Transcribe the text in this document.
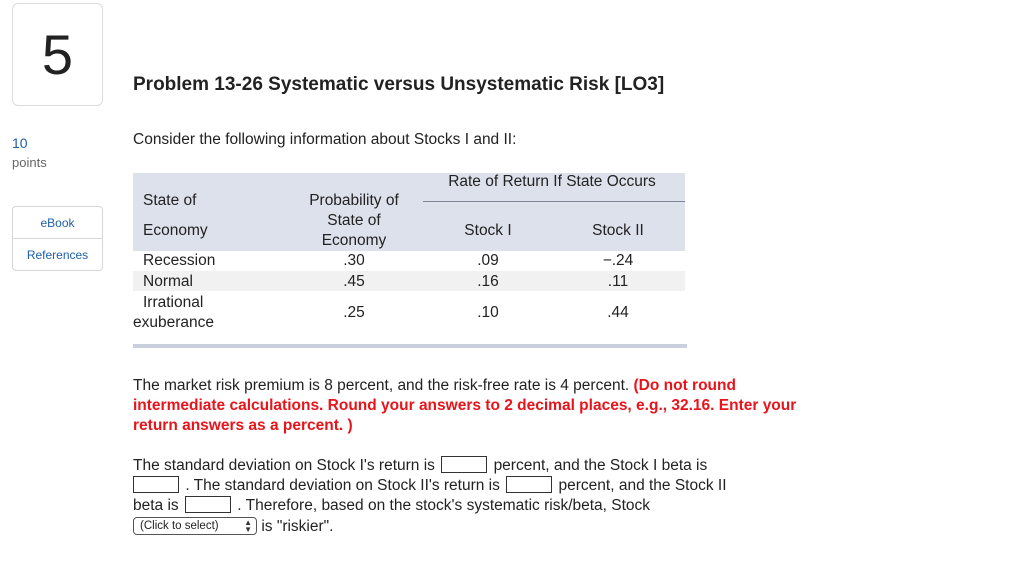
5
10
points
eBook
References
Problem 13-26 Systematic versus Unsystematic Risk [LO3]
Consider the following information about Stocks I and II:
State of
Economy
Probability of
State of
Economy
Rate of Return If State Occurs
Stock I	Stock II
Recession	.30	.09	−.24
Normal	.45	.16	.11
Irrational
exuberance
.25	.10	.44
The market risk premium is 8 percent, and the risk-free rate is 4 percent. (Do not round intermediate calculations. Round your answers to 2 decimal places, e.g., 32.16. Enter your return answers as a percent. )
The standard deviation on Stock I's return is	percent, and the Stock I beta is
. The standard deviation on Stock II's return is	percent, and the Stock II
beta is	. Therefore, based on the stock's systematic risk/beta, Stock
(Click to select)	▲
▼ is "riskier".
